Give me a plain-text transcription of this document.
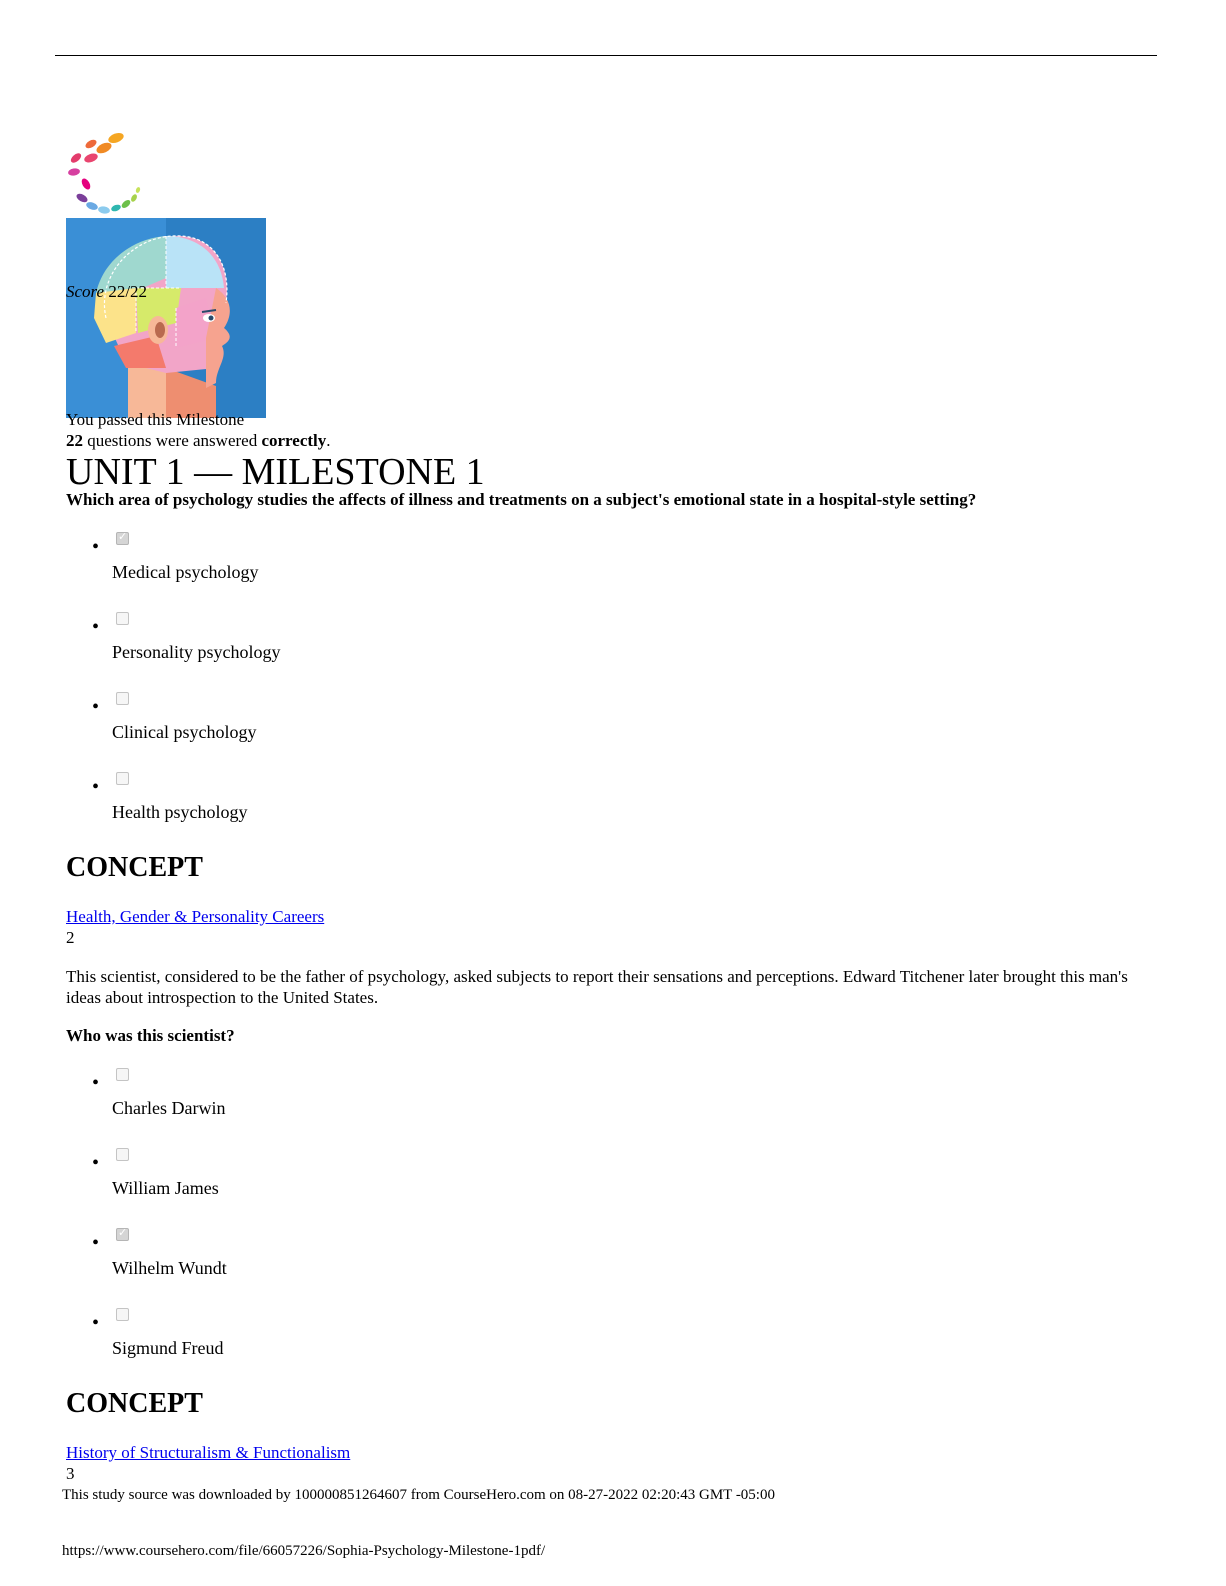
Score 22/22
You passed this Milestone
22 questions were answered correctly.
UNIT 1 — MILESTONE 1

Which area of psychology studies the affects of illness and treatments on a subject's emotional state in a hospital-style setting?

•
✓
Medical psychology
•
Personality psychology
•
Clinical psychology
•
Health psychology
CONCEPT
Health, Gender & Personality Careers
2

This scientist, considered to be the father of psychology, asked subjects to report their sensations and perceptions. Edward Titchener later brought this man's ideas about introspection to the United States.

Who was this scientist?

•
Charles Darwin
•
William James
•
✓
Wilhelm Wundt
•
Sigmund Freud
CONCEPT
History of Structuralism & Functionalism
3
This study source was downloaded by 100000851264607 from CourseHero.com on 08-27-2022 02:20:43 GMT -05:00
https://www.coursehero.com/file/66057226/Sophia-Psychology-Milestone-1pdf/
